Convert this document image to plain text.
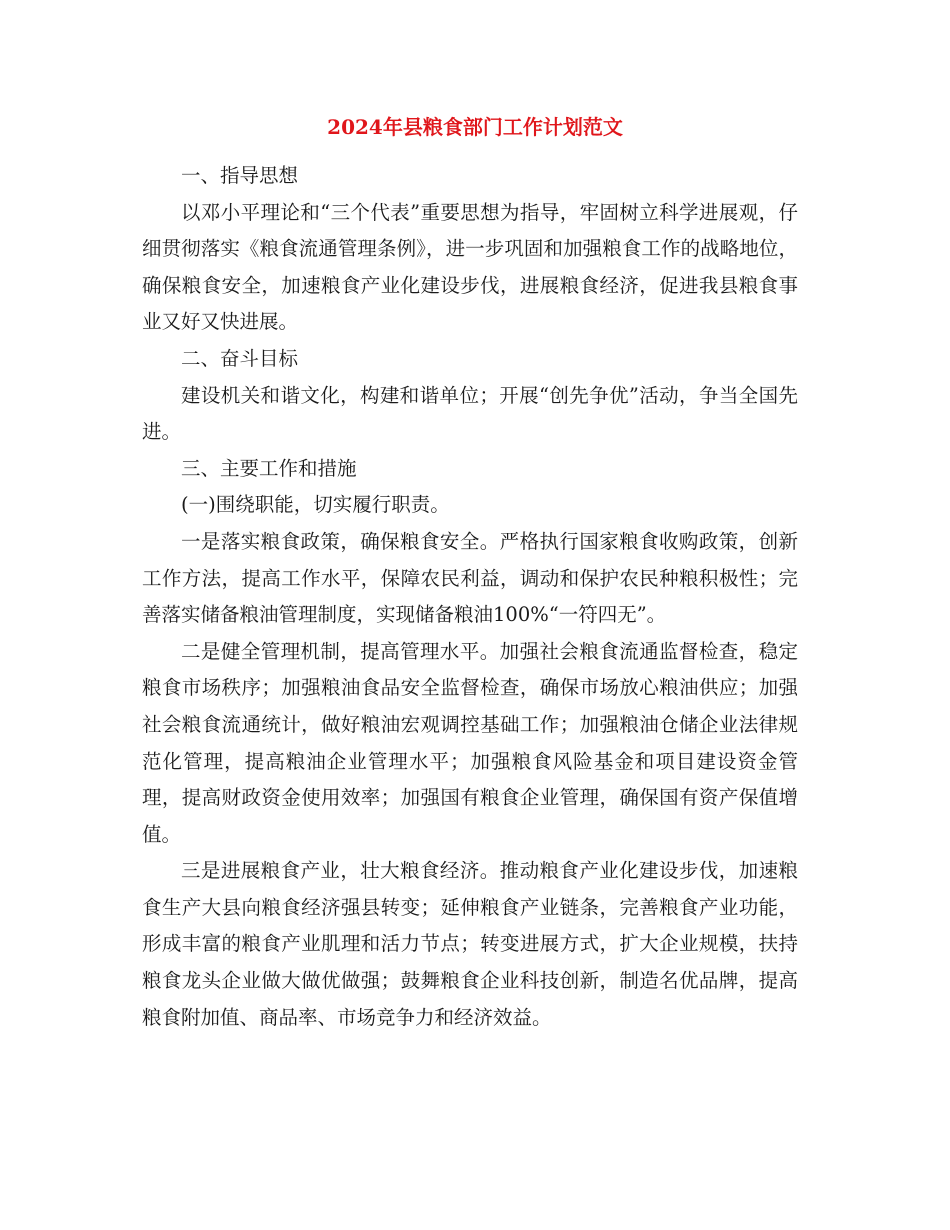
2024年县粮食部门工作计划范文

一、指导思想

以邓小平理论和“三个代表”重要思想为指导，牢固树立科学进展观，仔细贯彻落实《粮食流通管理条例》，进一步巩固和加强粮食工作的战略地位，确保粮食安全，加速粮食产业化建设步伐，进展粮食经济，促进我县粮食事业又好又快进展。

二、奋斗目标

建设机关和谐文化，构建和谐单位；开展“创先争优”活动，争当全国先进。

三、主要工作和措施

(一)围绕职能，切实履行职责。

一是落实粮食政策，确保粮食安全。严格执行国家粮食收购政策，创新工作方法，提高工作水平，保障农民利益，调动和保护农民种粮积极性；完善落实储备粮油管理制度，实现储备粮油100%“一符四无”。

二是健全管理机制，提高管理水平。加强社会粮食流通监督检查，稳定粮食市场秩序；加强粮油食品安全监督检查，确保市场放心粮油供应；加强社会粮食流通统计，做好粮油宏观调控基础工作；加强粮油仓储企业法律规范化管理，提高粮油企业管理水平；加强粮食风险基金和项目建设资金管理，提高财政资金使用效率；加强国有粮食企业管理，确保国有资产保值增值。

三是进展粮食产业，壮大粮食经济。推动粮食产业化建设步伐，加速粮食生产大县向粮食经济强县转变；延伸粮食产业链条，完善粮食产业功能，形成丰富的粮食产业肌理和活力节点；转变进展方式，扩大企业规模，扶持粮食龙头企业做大做优做强；鼓舞粮食企业科技创新，制造名优品牌，提高粮食附加值、商品率、市场竞争力和经济效益。
